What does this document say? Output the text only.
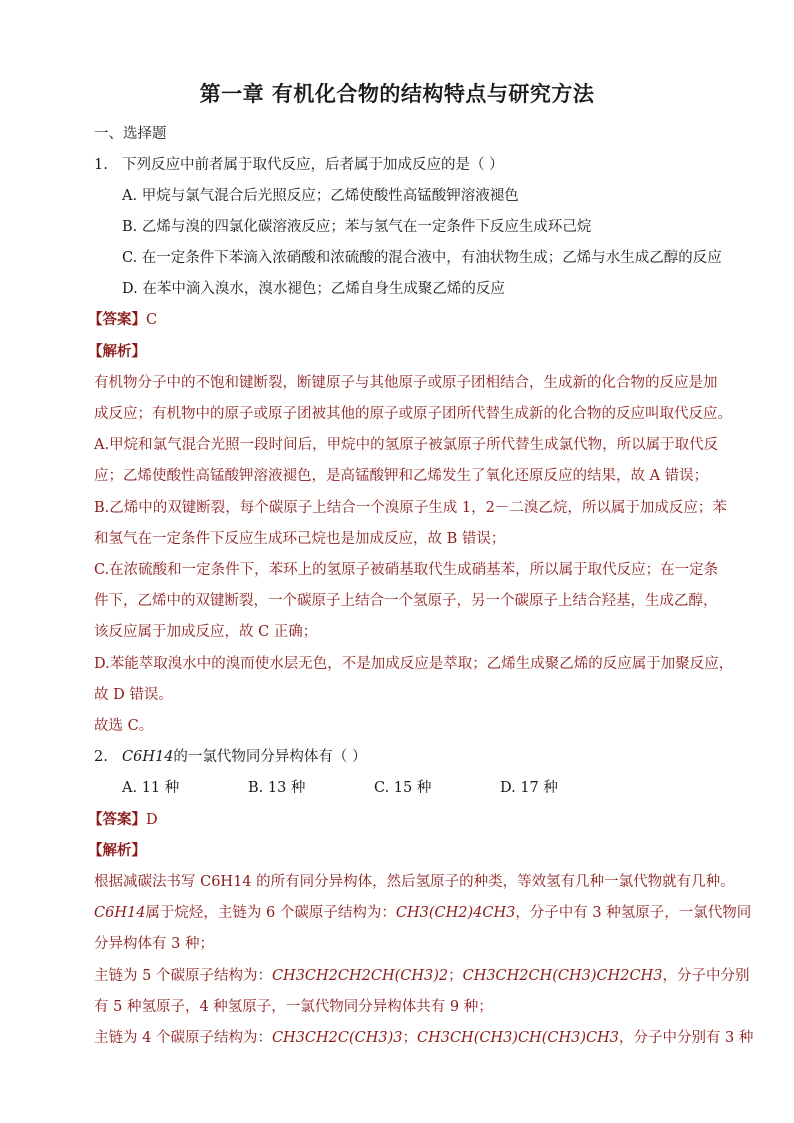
第一章 有机化合物的结构特点与研究方法
一、选择题
1. 下列反应中前者属于取代反应，后者属于加成反应的是（ ）
A. 甲烷与氯气混合后光照反应；乙烯使酸性高锰酸钾溶液褪色
B. 乙烯与溴的四氯化碳溶液反应；苯与氢气在一定条件下反应生成环己烷
C. 在一定条件下苯滴入浓硝酸和浓硫酸的混合液中，有油状物生成；乙烯与水生成乙醇的反应
D. 在苯中滴入溴水，溴水褪色；乙烯自身生成聚乙烯的反应
【答案】C
【解析】
有机物分子中的不饱和键断裂，断键原子与其他原子或原子团相结合，生成新的化合物的反应是加
成反应；有机物中的原子或原子团被其他的原子或原子团所代替生成新的化合物的反应叫取代反应。
A.甲烷和氯气混合光照一段时间后，甲烷中的氢原子被氯原子所代替生成氯代物，所以属于取代反
应；乙烯使酸性高锰酸钾溶液褪色，是高锰酸钾和乙烯发生了氧化还原反应的结果，故 A 错误；
B.乙烯中的双键断裂，每个碳原子上结合一个溴原子生成 1，2－二溴乙烷，所以属于加成反应；苯
和氢气在一定条件下反应生成环己烷也是加成反应，故 B 错误；
C.在浓硫酸和一定条件下，苯环上的氢原子被硝基取代生成硝基苯，所以属于取代反应；在一定条
件下，乙烯中的双键断裂，一个碳原子上结合一个氢原子，另一个碳原子上结合羟基，生成乙醇，
该反应属于加成反应，故 C 正确；
D.苯能萃取溴水中的溴而使水层无色，不是加成反应是萃取；乙烯生成聚乙烯的反应属于加聚反应，
故 D 错误。
故选 C。
2. C6H14的一氯代物同分异构体有（ ）
A. 11 种	B. 13 种	C. 15 种	D. 17 种
【答案】D
【解析】
根据减碳法书写 C6H14 的所有同分异构体，然后氢原子的种类，等效氢有几种一氯代物就有几种。
C6H14属于烷烃，主链为 6 个碳原子结构为：CH3(CH2)4CH3，分子中有 3 种氢原子，一氯代物同
分异构体有 3 种；
主链为 5 个碳原子结构为：CH3CH2CH2CH(CH3)2；CH3CH2CH(CH3)CH2CH3，分子中分别
有 5 种氢原子，4 种氢原子，一氯代物同分异构体共有 9 种；
主链为 4 个碳原子结构为：CH3CH2C(CH3)3；CH3CH(CH3)CH(CH3)CH3，分子中分别有 3 种
